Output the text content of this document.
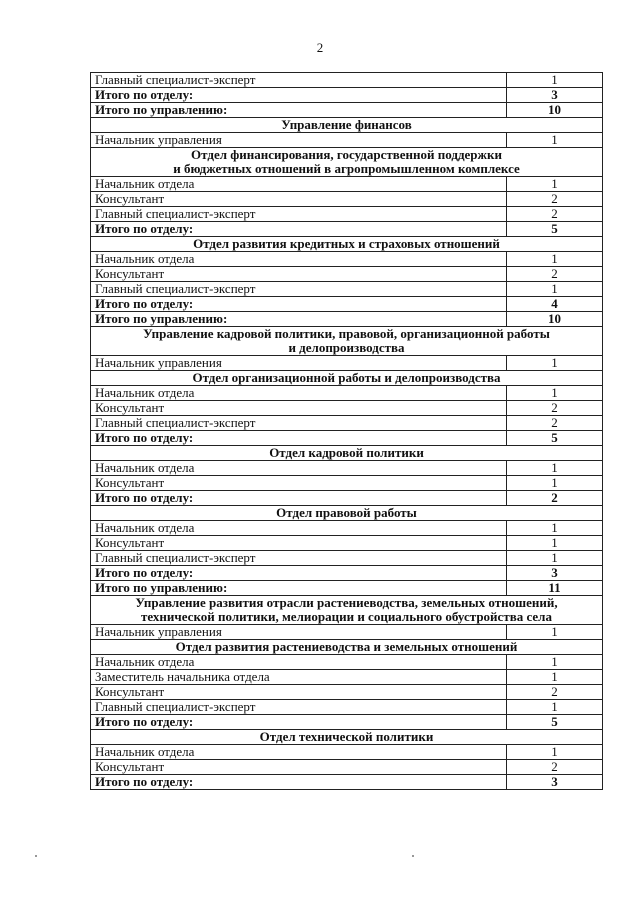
2
Главный специалист-эксперт	1
Итого по отделу:	3
Итого по управлению:	10

Управление финансов	

Начальник управления	1

Отдел финансирования, государственной поддержки
и бюджетных отношений в агропромышленном комплексе	

Начальник отдела	1
Консультант	2
Главный специалист-эксперт	2
Итого по отделу:	5

Отдел развития кредитных и страховых отношений	

Начальник отдела	1
Консультант	2
Главный специалист-эксперт	1
Итого по отделу:	4
Итого по управлению:	10

Управление кадровой политики, правовой, организационной работы
и делопроизводства	

Начальник управления	1

Отдел организационной работы и делопроизводства	

Начальник отдела	1
Консультант	2
Главный специалист-эксперт	2
Итого по отделу:	5

Отдел кадровой политики	

Начальник отдела	1
Консультант	1
Итого по отделу:	2

Отдел правовой работы	

Начальник отдела	1
Консультант	1
Главный специалист-эксперт	1
Итого по отделу:	3
Итого по управлению:	11

Управление развития отрасли растениеводства, земельных отношений,
технической политики, мелиорации и социального обустройства села	

Начальник управления	1

Отдел развития растениеводства и земельных отношений	

Начальник отдела	1
Заместитель начальника отдела	1
Консультант	2
Главный специалист-эксперт	1
Итого по отделу:	5

Отдел технической политики	

Начальник отдела	1
Консультант	2
Итого по отделу:	3
